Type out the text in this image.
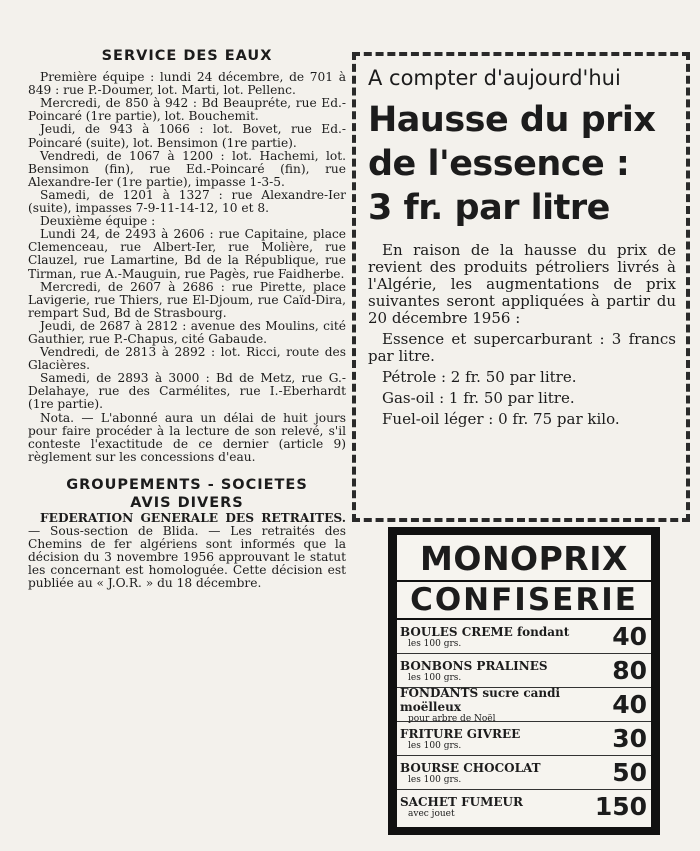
SERVICE DES EAUX

Première équipe : lundi 24 décembre, de 701 à 849 : rue P.-Doumer, lot. Marti, lot. Pellenc.

Mercredi, de 850 à 942 : Bd Beaupréte, rue Ed.-Poincaré (1re partie), lot. Bouchemit.

Jeudi, de 943 à 1066 : lot. Bovet, rue Ed.-Poincaré (suite), lot. Bensimon (1re partie).

Vendredi, de 1067 à 1200 : lot. Hachemi, lot. Bensimon (fin), rue Ed.-Poincaré (fin), rue Alexandre-Ier (1re partie), impasse 1-3-5.

Samedi, de 1201 à 1327 : rue Alexandre-Ier (suite), impasses 7-9-11-14-12, 10 et 8.

Deuxième équipe :

Lundi 24, de 2493 à 2606 : rue Capitaine, place Clemenceau, rue Albert-Ier, rue Molière, rue Clauzel, rue Lamartine, Bd de la République, rue Tirman, rue A.-Mauguin, rue Pagès, rue Faidherbe.

Mercredi, de 2607 à 2686 : rue Pirette, place Lavigerie, rue Thiers, rue El-Djoum, rue Caïd-Dira, rempart Sud, Bd de Strasbourg.

Jeudi, de 2687 à 2812 : avenue des Moulins, cité Gauthier, rue P.-Chapus, cité Gabaude.

Vendredi, de 2813 à 2892 : lot. Ricci, route des Glacières.

Samedi, de 2893 à 3000 : Bd de Metz, rue G.-Delahaye, rue des Carmélites, rue I.-Eberhardt (1re partie).

Nota. — L'abonné aura un délai de huit jours pour faire procéder à la lecture de son relevé, s'il conteste l'exactitude de ce dernier (article 9) règlement sur les concessions d'eau.

GROUPEMENTS - SOCIETES
AVIS DIVERS

FEDERATION GENERALE DES RETRAITES. — Sous-section de Blida. — Les retraités des Chemins de fer algériens sont informés que la décision du 3 novembre 1956 approuvant le statut les concernant est homologuée. Cette décision est publiée au « J.O.R. » du 18 décembre.

A compter d'aujourd'hui
Hausse du prix
de l'essence :
3 fr. par litre

En raison de la hausse du prix de revient des produits pétroliers livrés à l'Algérie, les augmentations de prix suivantes seront appliquées à partir du 20 décembre 1956 :

Essence et supercarburant : 3 francs par litre.

Pétrole : 2 fr. 50 par litre.

Gas-oil : 1 fr. 50 par litre.

Fuel-oil léger : 0 fr. 75 par kilo.

MONOPRIX
CONFISERIE
BOULES CREME fondant
les 100 grs.	40
BONBONS PRALINES
les 100 grs.	80
FONDANTS sucre candi moëlleux
pour arbre de Noël	40
FRITURE GIVREE
les 100 grs.	30
BOURSE CHOCOLAT
les 100 grs.	50
SACHET FUMEUR
avec jouet	150
